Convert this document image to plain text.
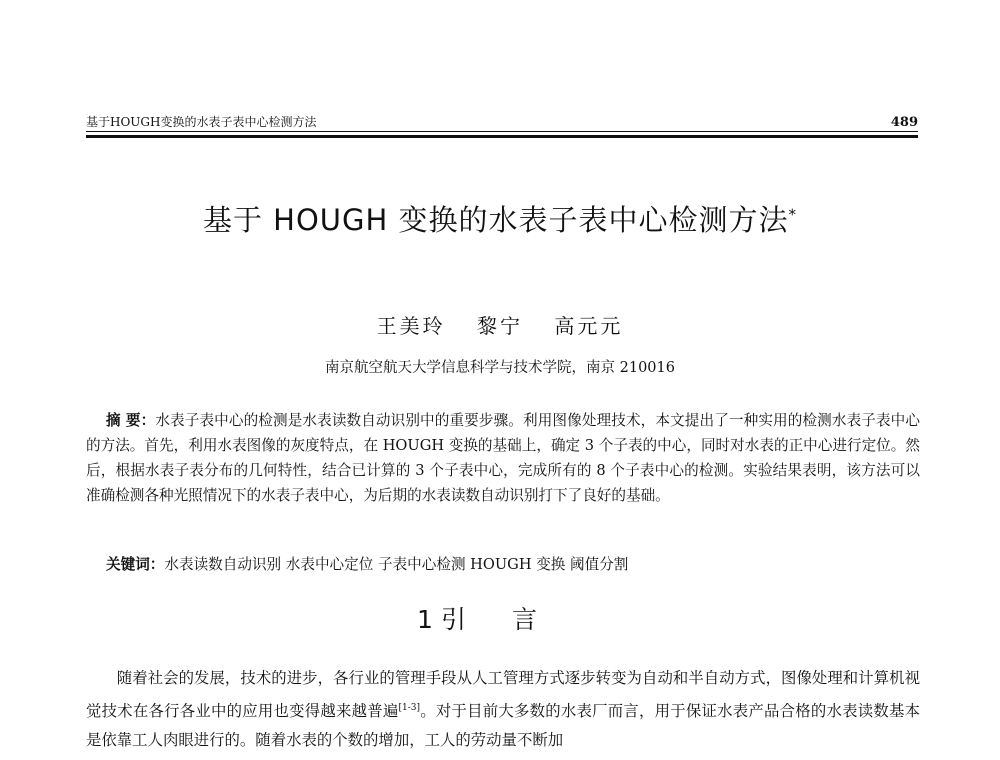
基于HOUGH变换的水表子表中心检测方法	489
基于 HOUGH 变换的水表子表中心检测方法*
王美玲 黎宁 高元元
南京航空航天大学信息科学与技术学院，南京 210016
摘 要：水表子表中心的检测是水表读数自动识别中的重要步骤。利用图像处理技术，本文提出了一种实用的检测水表子表中心的方法。首先，利用水表图像的灰度特点，在 HOUGH 变换的基础上，确定 3 个子表的中心，同时对水表的正中心进行定位。然后，根据水表子表分布的几何特性，结合已计算的 3 个子表中心，完成所有的 8 个子表中心的检测。实验结果表明，该方法可以准确检测各种光照情况下的水表子表中心，为后期的水表读数自动识别打下了良好的基础。
关键词：水表读数自动识别 水表中心定位 子表中心检测 HOUGH 变换 阈值分割
1 引言
随着社会的发展，技术的进步，各行业的管理手段从人工管理方式逐步转变为自动和半自动方式，图像处理和计算机视觉技术在各行各业中的应用也变得越来越普遍[1-3]。对于目前大多数的水表厂而言，用于保证水表产品合格的水表读数基本是依靠工人肉眼进行的。随着水表的个数的增加，工人的劳动量不断加
